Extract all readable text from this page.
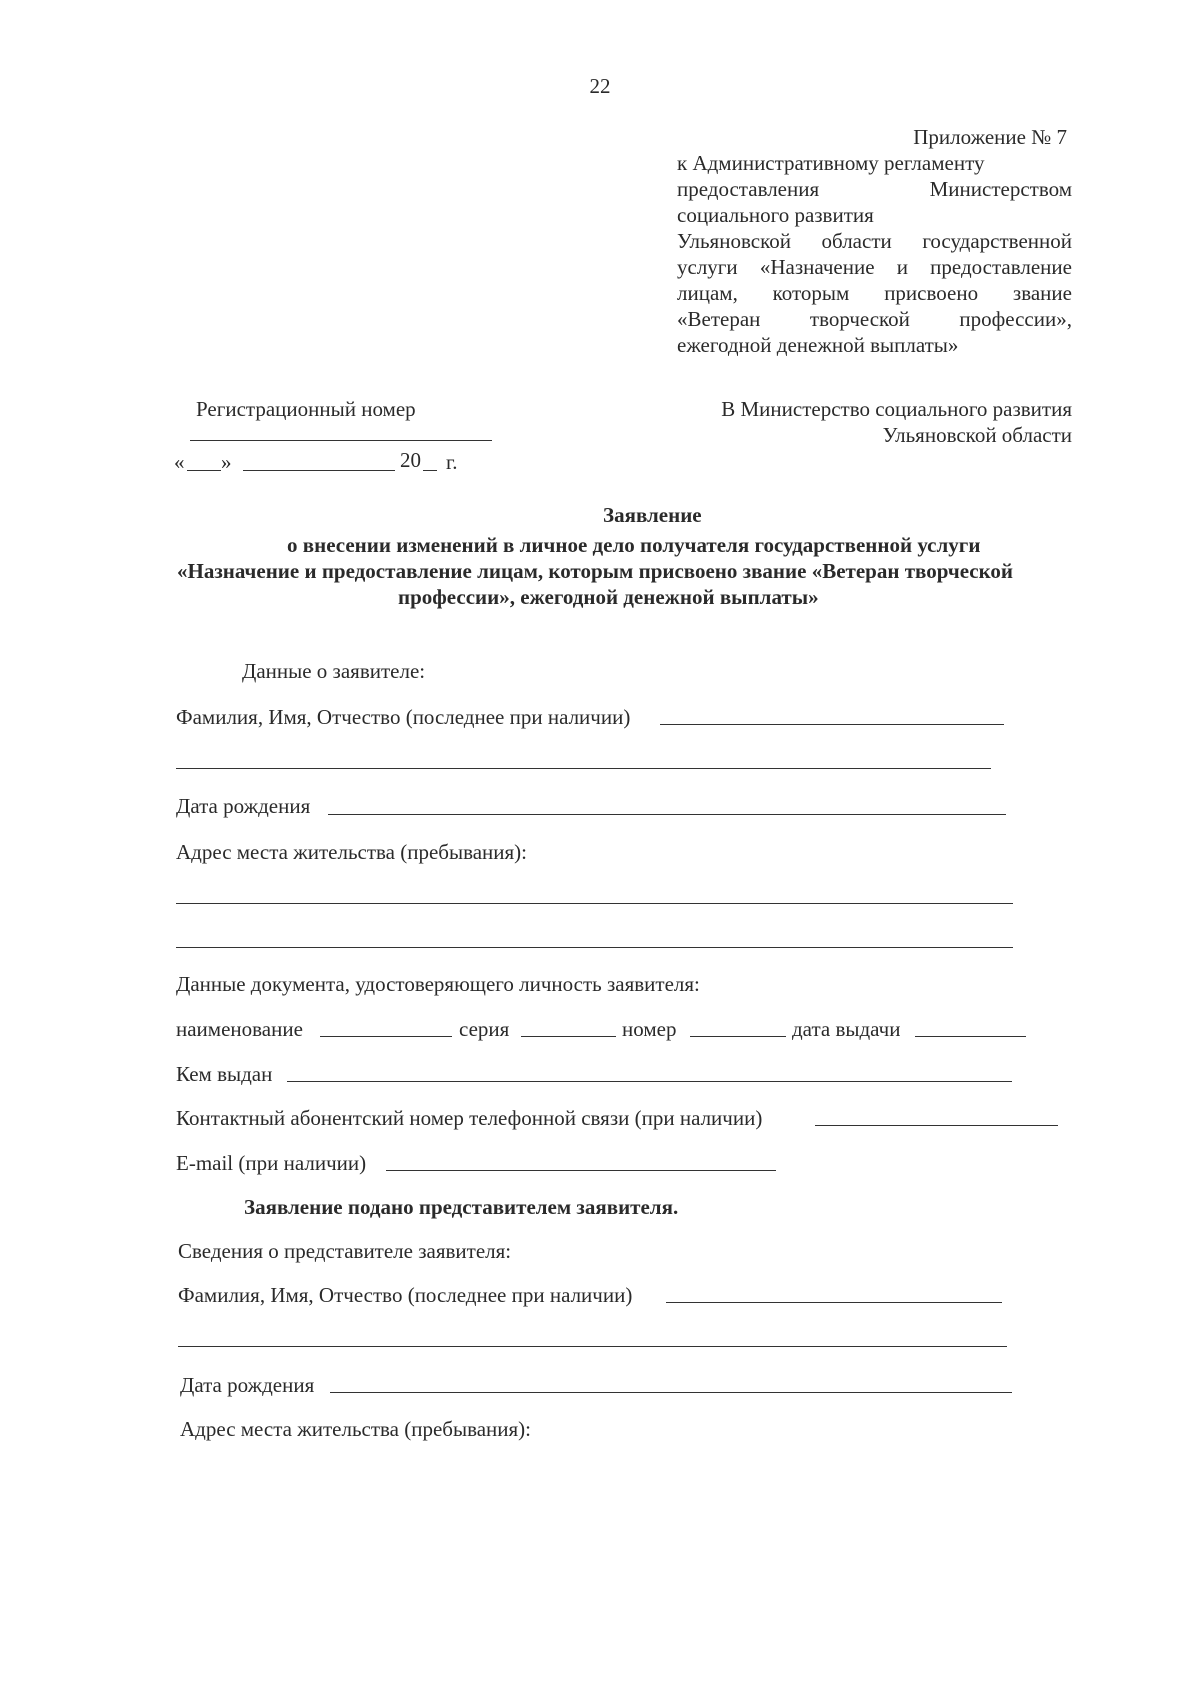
22
Приложение № 7
к Административному регламенту
предоставления	Министерством
социального развития
Ульяновской области государственной
услуги «Назначение и предоставление
лицам, которым присвоено звание
«Ветеран творческой профессии»,
ежегодной денежной выплаты»
Регистрационный номер
« »	20 г.
В Министерство социального развития
Ульяновской области
Заявление
о внесении изменений в личное дело получателя государственной услуги
«Назначение и предоставление лицам, которым присвоено звание «Ветеран творческой
профессии», ежегодной денежной выплаты»
Данные о заявителе:
Фамилия, Имя, Отчество (последнее при наличии)
Дата рождения
Адрес места жительства (пребывания):
Данные документа, удостоверяющего личность заявителя:
наименование	серия	номер	дата выдачи
Кем выдан
Контактный абонентский номер телефонной связи (при наличии)
E-mail (при наличии)
Заявление подано представителем заявителя.
Сведения о представителе заявителя:
Фамилия, Имя, Отчество (последнее при наличии)
Дата рождения
Адрес места жительства (пребывания):
